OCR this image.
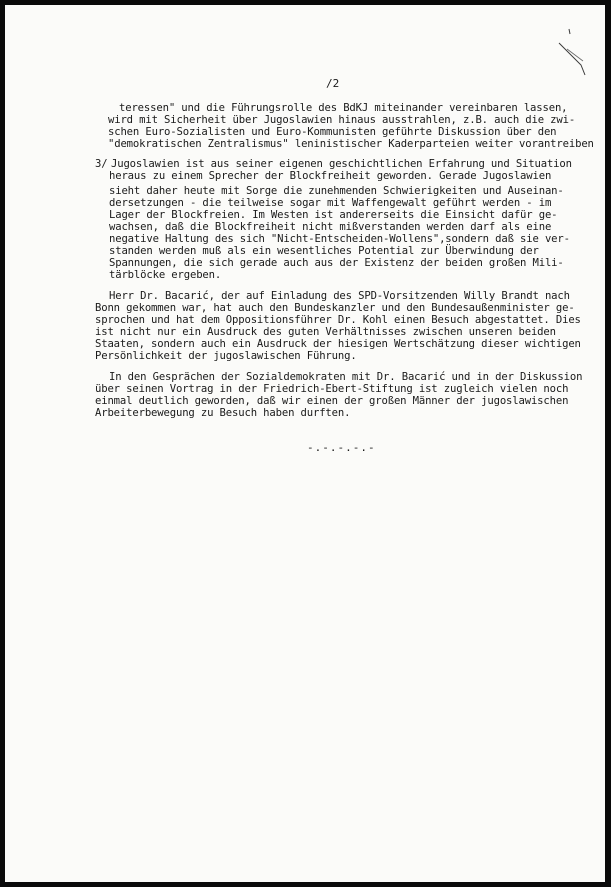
/2
teressen" und die Führungsrolle des BdKJ miteinander vereinbaren lassen,
wird mit Sicherheit über Jugoslawien hinaus ausstrahlen, z.B. auch die zwi-
schen Euro-Sozialisten und Euro-Kommunisten geführte Diskussion über den
"demokratischen Zentralismus" leninistischer Kaderparteien weiter vorantreiben
3/ Jugoslawien ist aus seiner eigenen geschichtlichen Erfahrung und Situation
heraus zu einem Sprecher der Blockfreiheit geworden. Gerade Jugoslawien
sieht daher heute mit Sorge die zunehmenden Schwierigkeiten und Auseinan-
dersetzungen - die teilweise sogar mit Waffengewalt geführt werden - im
Lager der Blockfreien. Im Westen ist andererseits die Einsicht dafür ge-
wachsen, daß die Blockfreiheit nicht mißverstanden werden darf als eine
negative Haltung des sich "Nicht-Entscheiden-Wollens",sondern daß sie ver-
standen werden muß als ein wesentliches Potential zur Überwindung der
Spannungen, die sich gerade auch aus der Existenz der beiden großen Mili-
tärblöcke ergeben.
Herr Dr. Bacarić, der auf Einladung des SPD-Vorsitzenden Willy Brandt nach
Bonn gekommen war, hat auch den Bundeskanzler und den Bundesaußenminister ge-
sprochen und hat dem Oppositionsführer Dr. Kohl einen Besuch abgestattet. Dies
ist nicht nur ein Ausdruck des guten Verhältnisses zwischen unseren beiden
Staaten, sondern auch ein Ausdruck der hiesigen Wertschätzung dieser wichtigen
Persönlichkeit der jugoslawischen Führung.
In den Gesprächen der Sozialdemokraten mit Dr. Bacarić und in der Diskussion
über seinen Vortrag in der Friedrich-Ebert-Stiftung ist zugleich vielen noch
einmal deutlich geworden, daß wir einen der großen Männer der jugoslawischen
Arbeiterbewegung zu Besuch haben durften.
-.-.-.-.-
